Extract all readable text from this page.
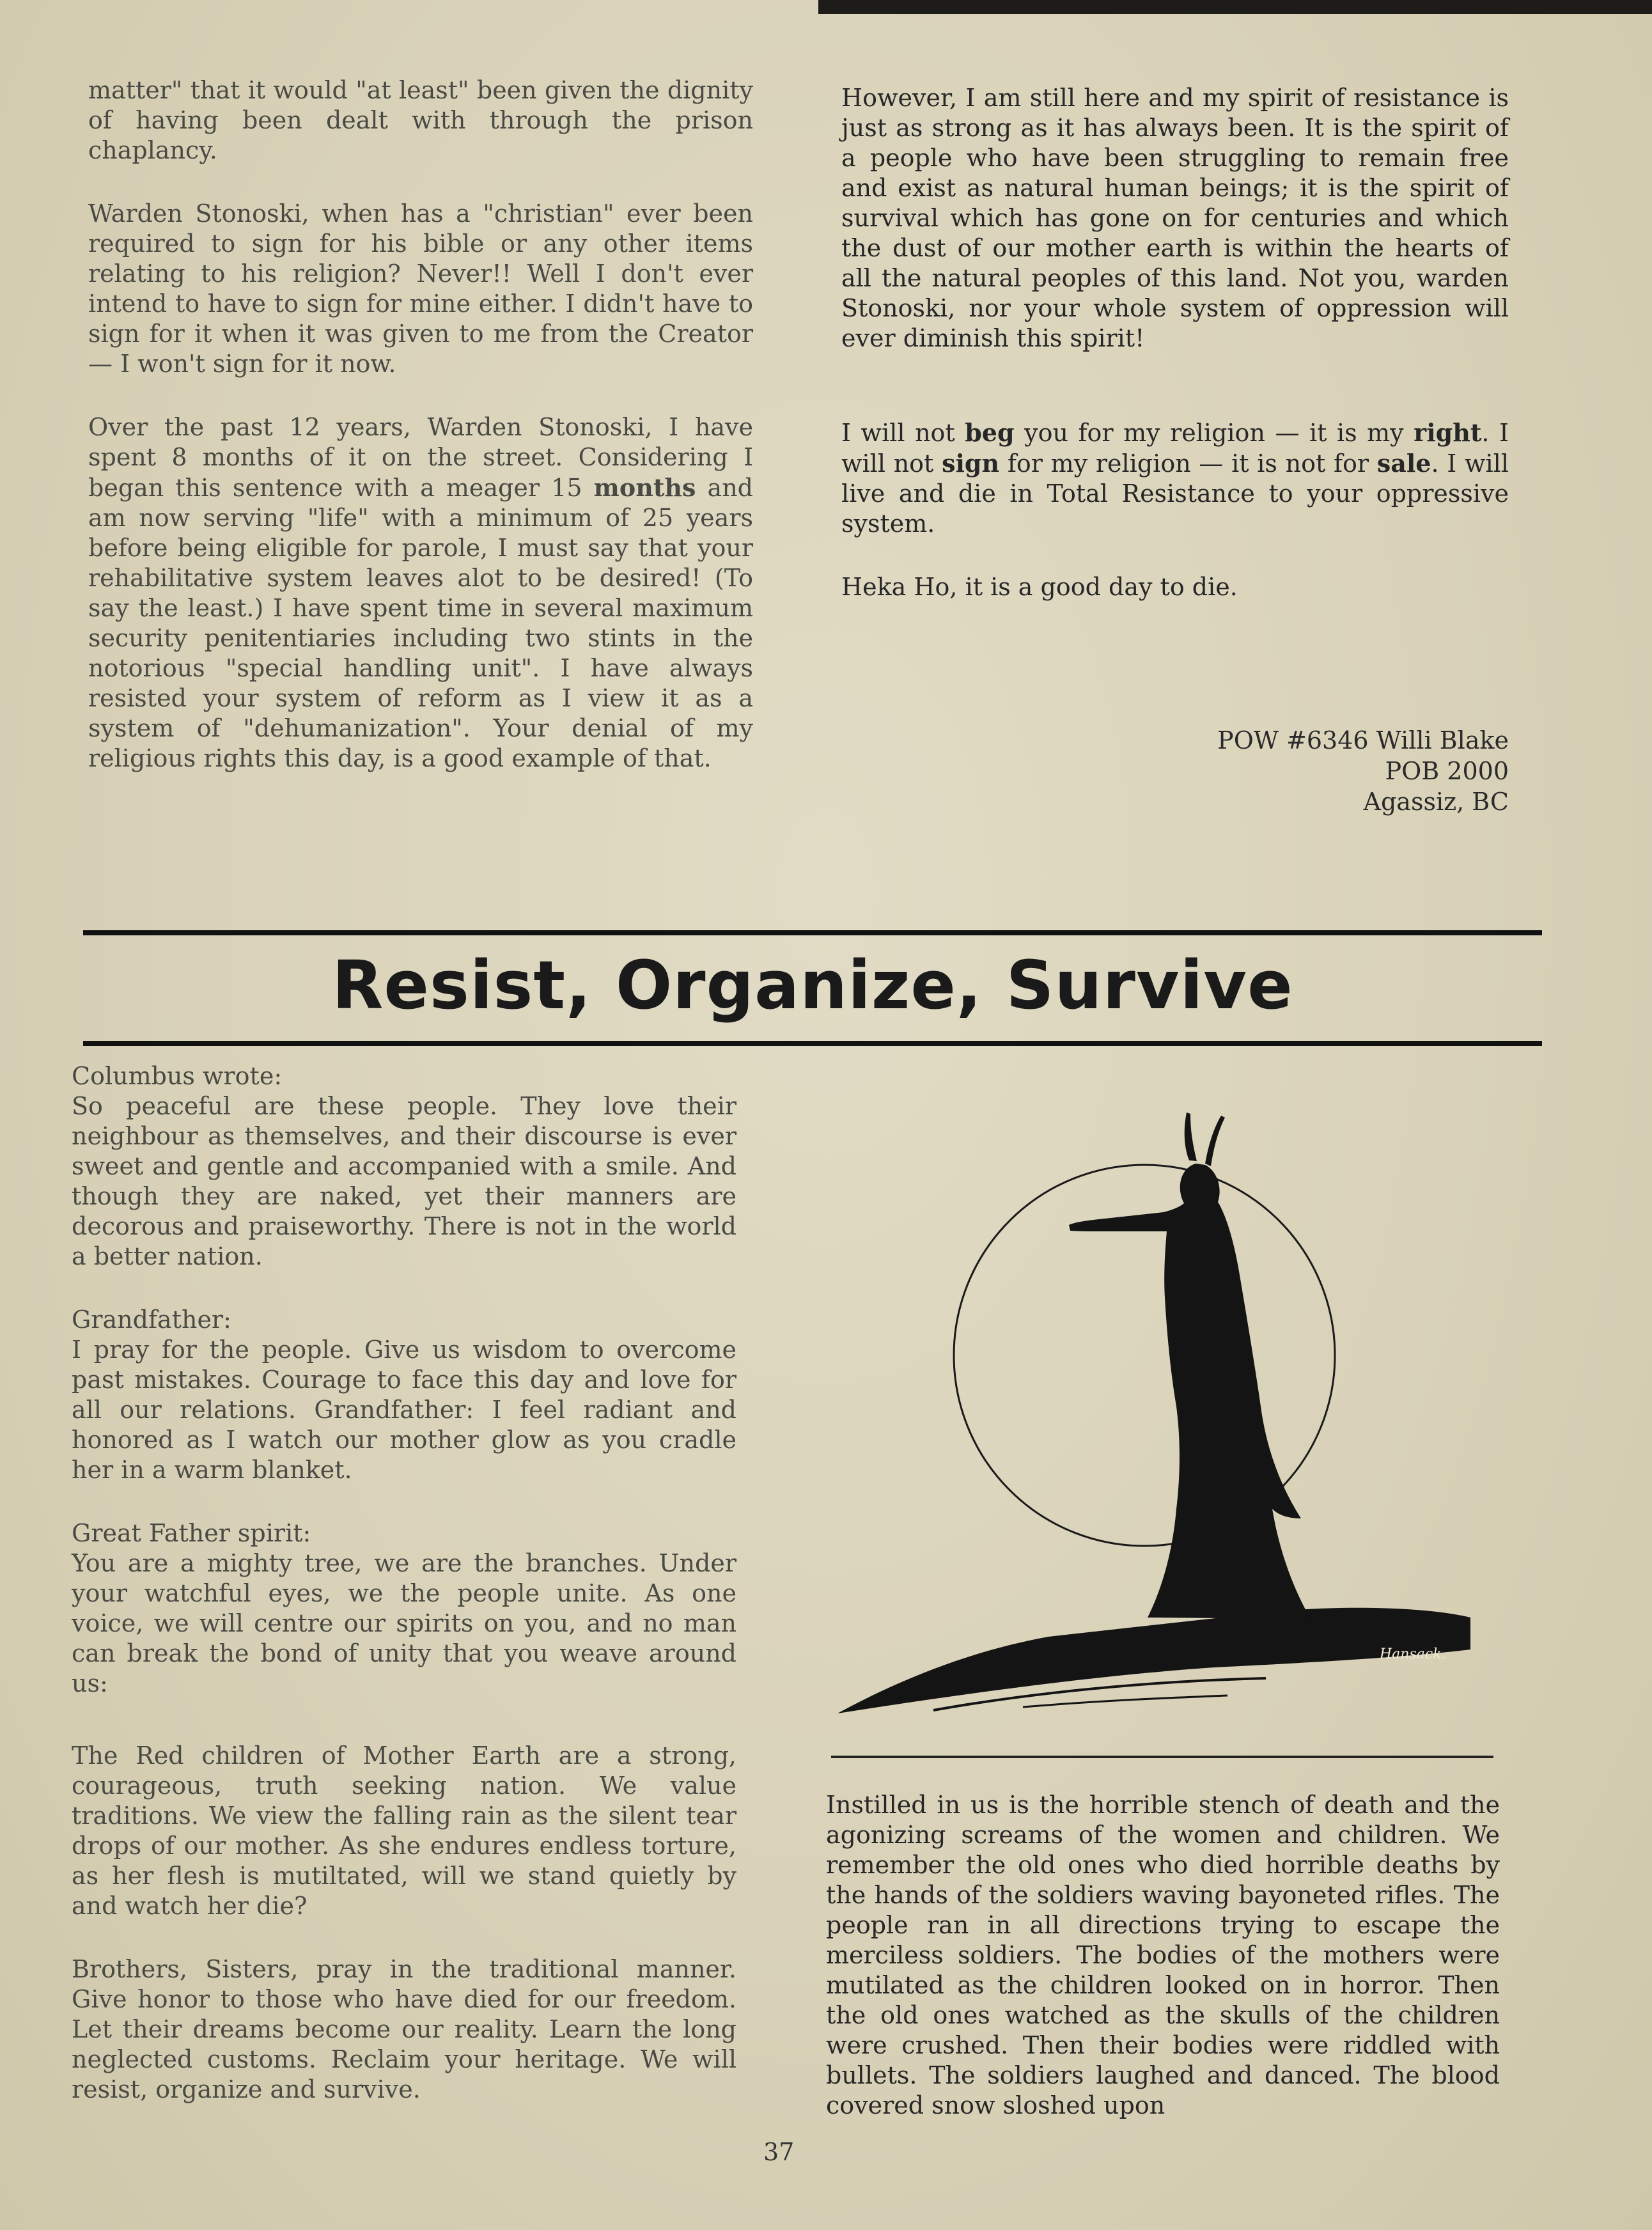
matter" that it would "at least" been given the dignity of having been dealt with through the prison chaplancy.

Warden Stonoski, when has a "christian" ever been required to sign for his bible or any other items relating to his religion? Never!! Well I don't ever intend to have to sign for mine either. I didn't have to sign for it when it was given to me from the Creator — I won't sign for it now.

Over the past 12 years, Warden Stonoski, I have spent 8 months of it on the street. Considering I began this sentence with a meager 15 months and am now serving "life" with a minimum of 25 years before being eligible for parole, I must say that your rehabilitative system leaves alot to be desired! (To say the least.) I have spent time in several maximum security penitentiaries including two stints in the notorious "special handling unit". I have always resisted your system of reform as I view it as a system of "dehumanization". Your denial of my religious rights this day, is a good example of that.

However, I am still here and my spirit of resistance is just as strong as it has always been. It is the spirit of a people who have been struggling to remain free and exist as natural human beings; it is the spirit of survival which has gone on for centuries and which the dust of our mother earth is within the hearts of all the natural peoples of this land. Not you, warden Stonoski, nor your whole system of oppression will ever diminish this spirit!

I will not beg you for my religion — it is my right. I will not sign for my religion — it is not for sale. I will live and die in Total Resistance to your oppressive system.

Heka Ho, it is a good day to die.

POW #6346 Willi Blake
POB 2000
Agassiz, BC
Resist, Organize, Survive

Columbus wrote:
So peaceful are these people. They love their neighbour as themselves, and their discourse is ever sweet and gentle and accompanied with a smile. And though they are naked, yet their manners are decorous and praiseworthy. There is not in the world a better nation.

Grandfather:
I pray for the people. Give us wisdom to overcome past mistakes. Courage to face this day and love for all our relations. Grandfather: I feel radiant and honored as I watch our mother glow as you cradle her in a warm blanket.

Great Father spirit:
You are a mighty tree, we are the branches. Under your watchful eyes, we the people unite. As one voice, we will centre our spirits on you, and no man can break the bond of unity that you weave around us:

The Red children of Mother Earth are a strong, courageous, truth seeking nation. We value traditions. We view the falling rain as the silent tear drops of our mother. As she endures endless torture, as her flesh is mutiltated, will we stand quietly by and watch her die?

Brothers, Sisters, pray in the traditional manner. Give honor to those who have died for our freedom. Let their dreams become our reality. Learn the long neglected customs. Reclaim your heritage. We will resist, organize and survive.

Hansack.

Instilled in us is the horrible stench of death and the agonizing screams of the women and children. We remember the old ones who died horrible deaths by the hands of the soldiers waving bayoneted rifles. The people ran in all directions trying to escape the merciless soldiers. The bodies of the mothers were mutilated as the children looked on in horror. Then the old ones watched as the skulls of the children were crushed. Then their bodies were riddled with bullets. The soldiers laughed and danced. The blood covered snow sloshed upon

37
